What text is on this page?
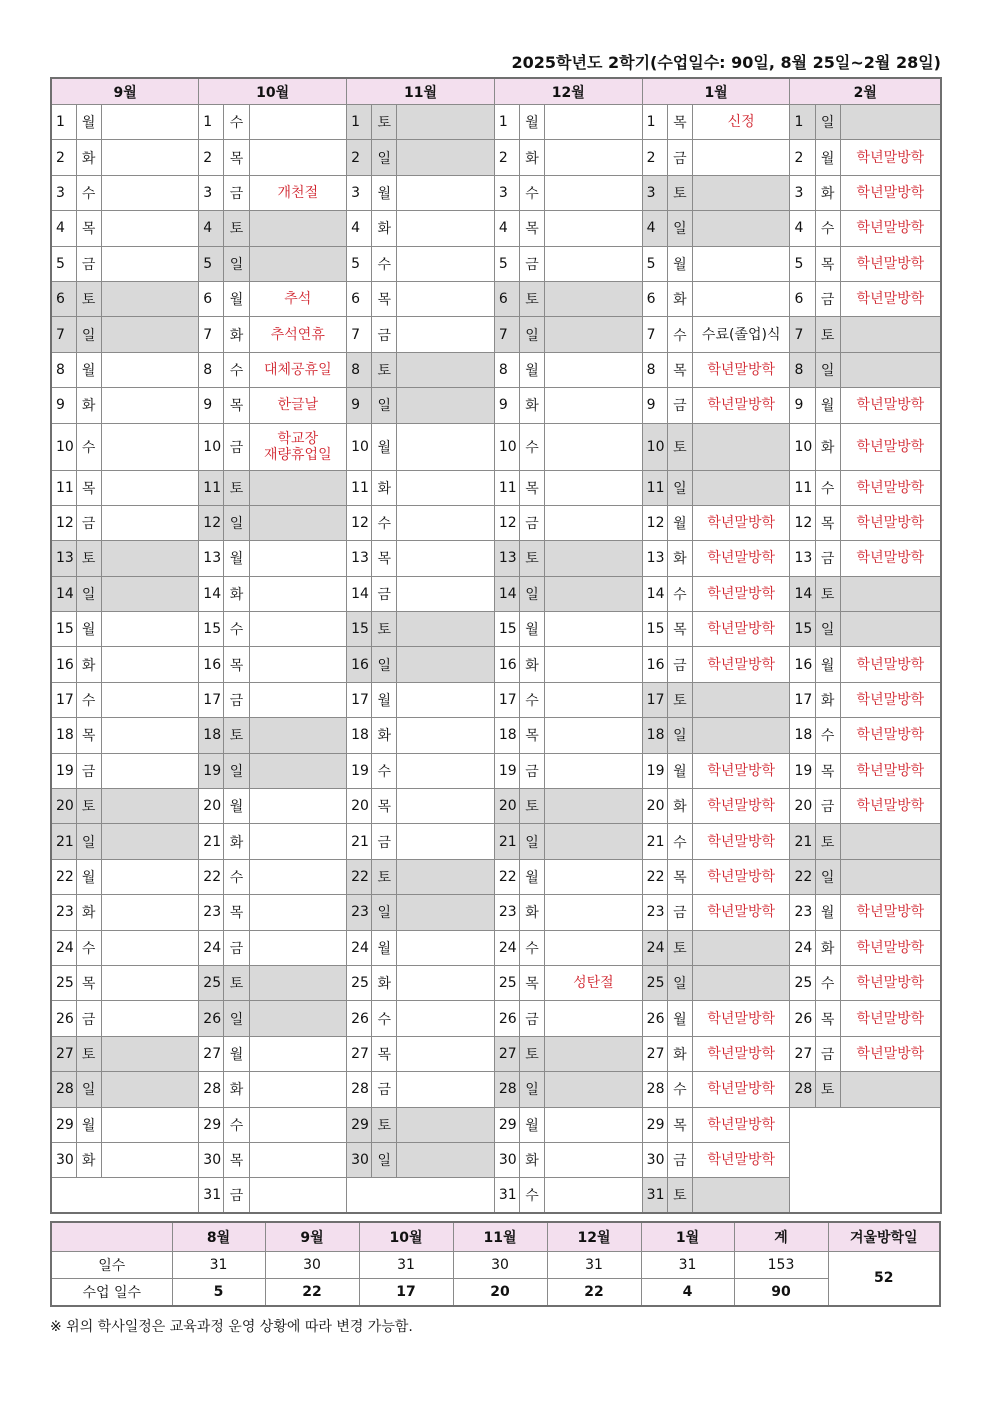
2025학년도 2학기(수업일수: 90일, 8월 25일~2월 28일)
9월			10월			11월			12월			1월			2월		
1	월		1	수		1	토		1	월		1	목	신정	1	일	
2	화		2	목		2	일		2	화		2	금		2	월	학년말방학
3	수		3	금	개천절	3	월		3	수		3	토		3	화	학년말방학
4	목		4	토		4	화		4	목		4	일		4	수	학년말방학
5	금		5	일		5	수		5	금		5	월		5	목	학년말방학
6	토		6	월	추석	6	목		6	토		6	화		6	금	학년말방학
7	일		7	화	추석연휴	7	금		7	일		7	수	수료(졸업)식	7	토	
8	월		8	수	대체공휴일	8	토		8	월		8	목	학년말방학	8	일	
9	화		9	목	한글날	9	일		9	화		9	금	학년말방학	9	월	학년말방학
10	수		10	금	학교장
재량휴업일	10	월		10	수		10	토		10	화	학년말방학
11	목		11	토		11	화		11	목		11	일		11	수	학년말방학
12	금		12	일		12	수		12	금		12	월	학년말방학	12	목	학년말방학
13	토		13	월		13	목		13	토		13	화	학년말방학	13	금	학년말방학
14	일		14	화		14	금		14	일		14	수	학년말방학	14	토	
15	월		15	수		15	토		15	월		15	목	학년말방학	15	일	
16	화		16	목		16	일		16	화		16	금	학년말방학	16	월	학년말방학
17	수		17	금		17	월		17	수		17	토		17	화	학년말방학
18	목		18	토		18	화		18	목		18	일		18	수	학년말방학
19	금		19	일		19	수		19	금		19	월	학년말방학	19	목	학년말방학
20	토		20	월		20	목		20	토		20	화	학년말방학	20	금	학년말방학
21	일		21	화		21	금		21	일		21	수	학년말방학	21	토	
22	월		22	수		22	토		22	월		22	목	학년말방학	22	일	
23	화		23	목		23	일		23	화		23	금	학년말방학	23	월	학년말방학
24	수		24	금		24	월		24	수		24	토		24	화	학년말방학
25	목		25	토		25	화		25	목	성탄절	25	일		25	수	학년말방학
26	금		26	일		26	수		26	금		26	월	학년말방학	26	목	학년말방학
27	토		27	월		27	목		27	토		27	화	학년말방학	27	금	학년말방학
28	일		28	화		28	금		28	일		28	수	학년말방학	28	토	
29	월		29	수		29	토		29	월		29	목	학년말방학			
30	화		30	목		30	일		30	화		30	금	학년말방학			
			31	금					31	수		31	토				
	8월	9월	10월	11월	12월	1월	계	겨울방학일
일수	31	30	31	30	31	31	153	52
수업 일수	5	22	17	20	22	4	90	
※ 위의 학사일정은 교육과정 운영 상황에 따라 변경 가능함.
